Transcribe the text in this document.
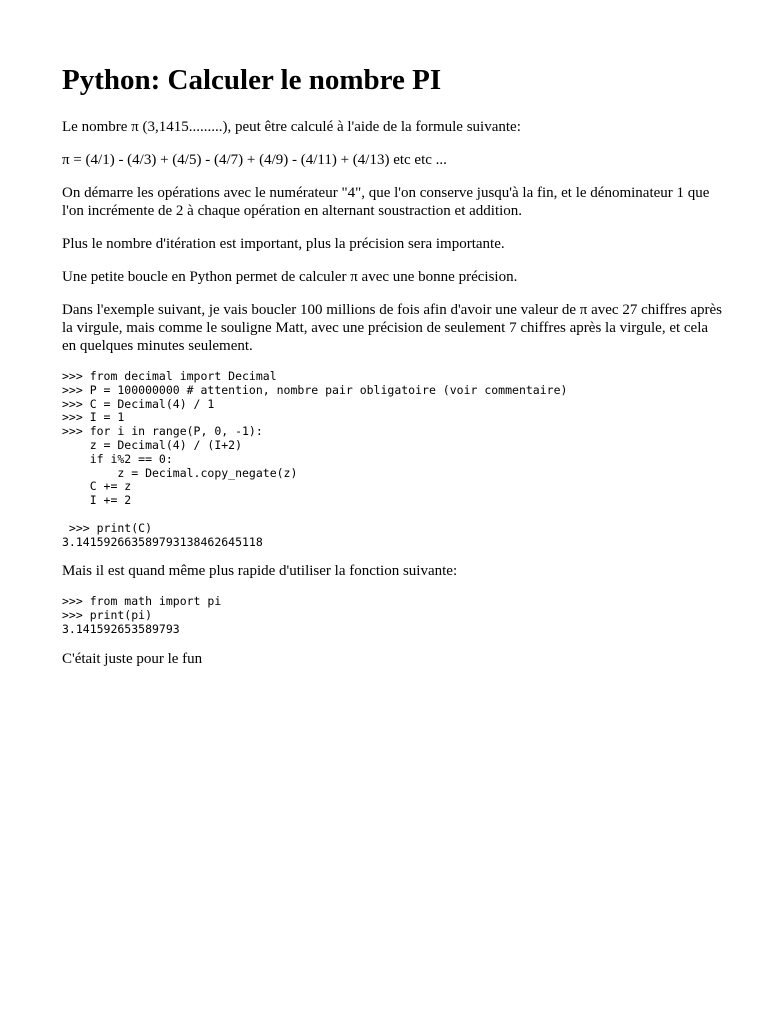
Python: Calculer le nombre PI

Le nombre π (3,1415.........), peut être calculé à l'aide de la formule suivante:

π = (4/1) - (4/3) + (4/5) - (4/7) + (4/9) - (4/11) + (4/13) etc etc ...

On démarre les opérations avec le numérateur "4", que l'on conserve jusqu'à la fin, et le dénominateur 1 que l'on incrémente de 2 à chaque opération en alternant soustraction et addition.

Plus le nombre d'itération est important, plus la précision sera importante.

Une petite boucle en Python permet de calculer π avec une bonne précision.

Dans l'exemple suivant, je vais boucler 100 millions de fois afin d'avoir une valeur de π avec 27 chiffres après la virgule, mais comme le souligne Matt, avec une précision de seulement 7 chiffres après la virgule, et cela en quelques minutes seulement.

>>> from decimal import Decimal
>>> P = 100000000 # attention, nombre pair obligatoire (voir commentaire)
>>> C = Decimal(4) / 1
>>> I = 1
>>> for i in range(P, 0, -1):
z = Decimal(4) / (I+2)
if i%2 == 0:
z = Decimal.copy_negate(z)
C += z
I += 2

>>> print(C)
3.141592663589793138462645118

Mais il est quand même plus rapide d'utiliser la fonction suivante:

>>> from math import pi
>>> print(pi)
3.141592653589793

C'était juste pour le fun
